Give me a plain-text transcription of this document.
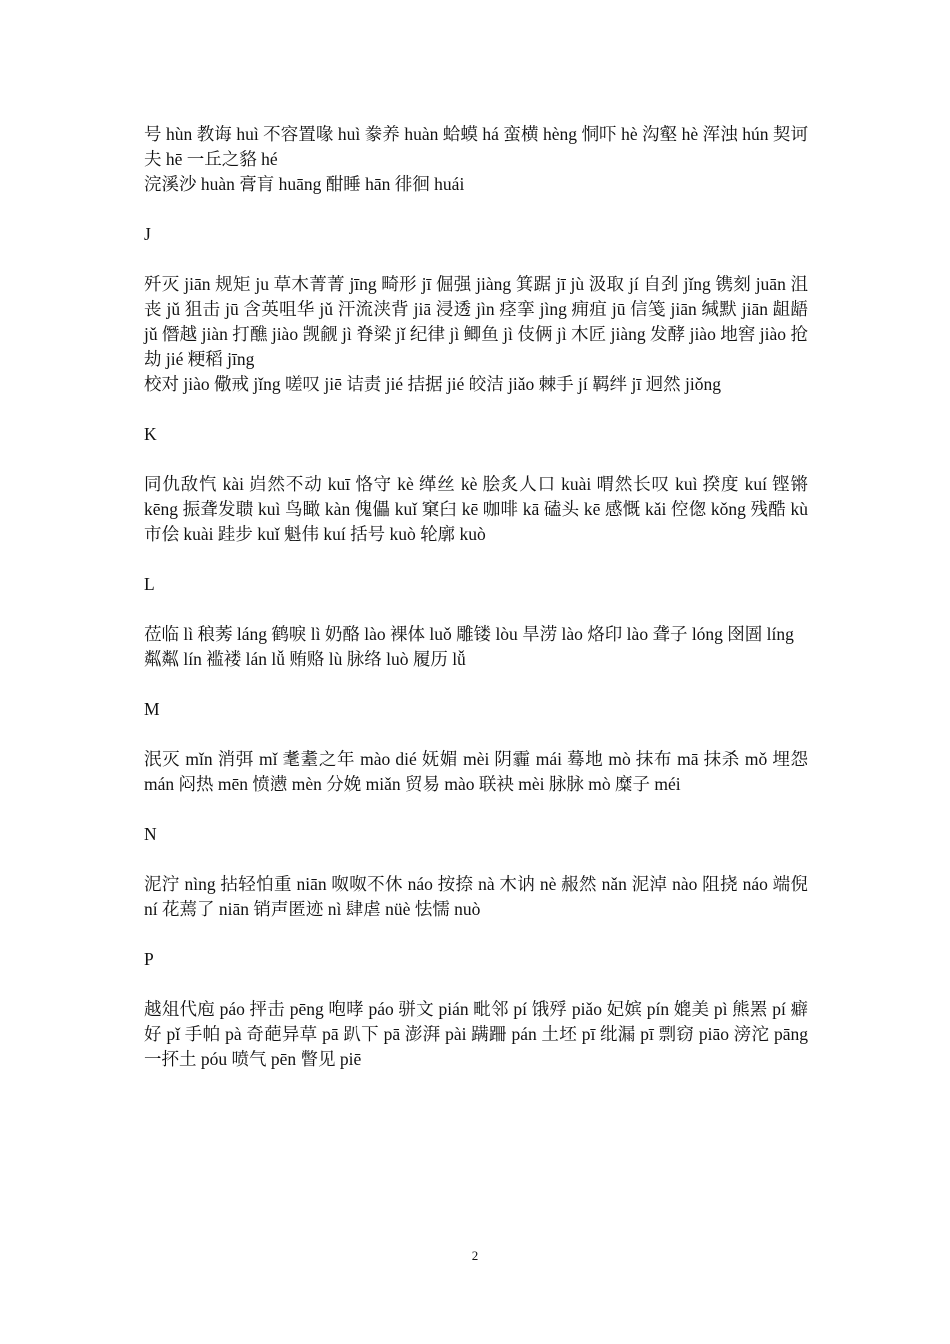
号 hùn 教诲 huì 不容置喙 huì 豢养 huàn 蛤蟆 há 蛮横 hèng 恫吓 hè 沟壑 hè 浑浊 hún 契诃夫 hē 一丘之貉 hé

浣溪沙 huàn 膏肓 huāng 酣睡 hān 徘徊 huái

J

歼灭 jiān 规矩 ju 草木菁菁 jīng 畸形 jī 倔强 jiàng 箕踞 jī jù 汲取 jí 自刭 jǐng 镌刻 juān 沮丧 jǔ 狙击 jū 含英咀华 jǔ 汗流浃背 jiā 浸透 jìn 痉挛 jìng 痈疽 jū 信笺 jiān 缄默 jiān 龃龉 jǔ 僭越 jiàn 打醮 jiào 觊觎 jì 脊梁 jǐ 纪律 jì 鲫鱼 jì 伎俩 jì 木匠 jiàng 发酵 jiào 地窖 jiào 抢劫 jié 粳稻 jīng

校对 jiào 儆戒 jǐng 嗟叹 jiē 诘责 jié 拮据 jié 皎洁 jiǎo 棘手 jí 羁绊 jī 迥然 jiǒng

K

同仇敌忾 kài 岿然不动 kuī 恪守 kè 缂丝 kè 脍炙人口 kuài 喟然长叹 kuì 揆度 kuí 铿锵 kēng 振聋发聩 kuì 鸟瞰 kàn 傀儡 kuǐ 窠臼 kē 咖啡 kā 磕头 kē 感慨 kǎi 倥偬 kǒng 残酷 kù 市侩 kuài 跬步 kuǐ 魁伟 kuí 括号 kuò 轮廓 kuò

L

莅临 lì 稂莠 láng 鹤唳 lì 奶酪 lào 裸体 luǒ 雕镂 lòu 旱涝 lào 烙印 lào 聋子 lóng 囹圄 líng

粼粼 lín 褴褛 lán lǚ 贿赂 lù 脉络 luò 履历 lǚ

M

泯灭 mǐn 消弭 mǐ 耄耋之年 mào dié 妩媚 mèi 阴霾 mái 蓦地 mò 抹布 mā 抹杀 mǒ 埋怨 mán 闷热 mēn 愤懑 mèn 分娩 miǎn 贸易 mào 联袂 mèi 脉脉 mò 糜子 méi

N

泥泞 nìng 拈轻怕重 niān 呶呶不休 náo 按捺 nà 木讷 nè 赧然 nǎn 泥淖 nào 阻挠 náo 端倪 ní 花蔫了 niān 销声匿迹 nì 肆虐 nüè 怯懦 nuò

P

越俎代庖 páo 抨击 pēng 咆哮 páo 骈文 pián 毗邻 pí 饿殍 piǎo 妃嫔 pín 媲美 pì 熊罴 pí 癖好 pǐ 手帕 pà 奇葩异草 pā 趴下 pā 澎湃 pài 蹒跚 pán 土坯 pī 纰漏 pī 剽窃 piāo 滂沱 pāng 一抔土 póu 喷气 pēn 瞥见 piē

2
